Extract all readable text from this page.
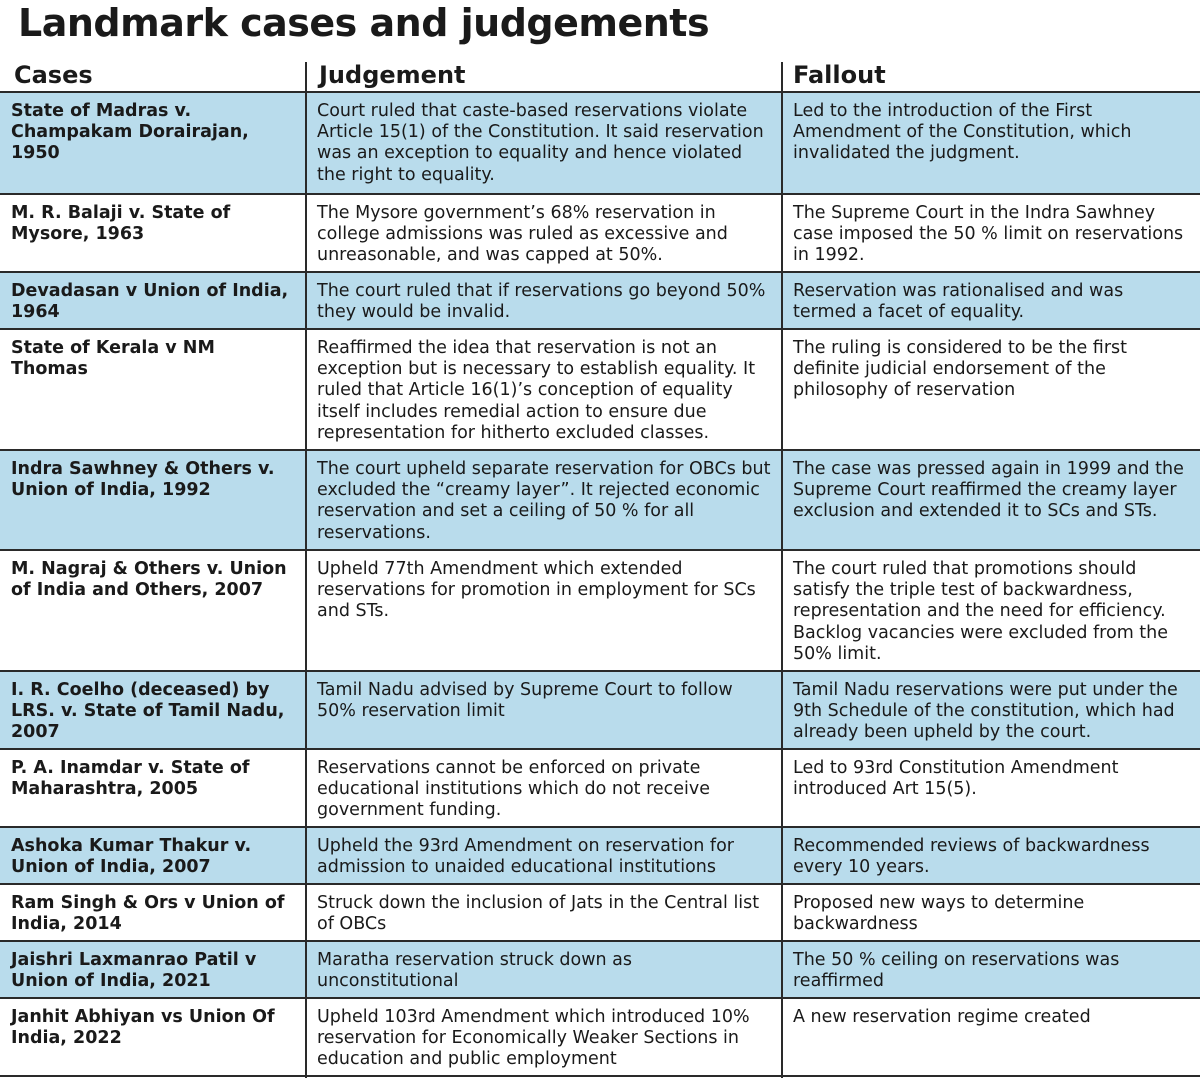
Landmark cases and judgements
Cases	Judgement	Fallout
State of Madras v. Champakam Dorairajan, 1950	Court ruled that caste-based reservations violate Article 15(1) of the Constitution. It said reservation was an exception to equality and hence violated the right to equality.	Led to the introduction of the First Amendment of the Constitution, which invalidated the judgment.
M. R. Balaji v. State of Mysore, 1963	The Mysore government’s 68% reservation in college admissions was ruled as excessive and unreasonable, and was capped at 50%.	The Supreme Court in the Indra Sawhney case imposed the 50 % limit on reservations in 1992.
Devadasan v Union of India, 1964	The court ruled that if reservations go beyond 50% they would be invalid.	Reservation was rationalised and was termed a facet of equality.
State of Kerala v NM Thomas	Reaffirmed the idea that reservation is not an exception but is necessary to establish equality. It ruled that Article 16(1)’s conception of equality itself includes remedial action to ensure due representation for hitherto excluded classes.	The ruling is considered to be the first definite judicial endorsement of the philosophy of reservation
Indra Sawhney & Others v. Union of India, 1992	The court upheld separate reservation for OBCs but excluded the “creamy layer”. It rejected economic reservation and set a ceiling of 50 % for all reservations.	The case was pressed again in 1999 and the Supreme Court reaffirmed the creamy layer exclusion and extended it to SCs and STs.
M. Nagraj & Others v. Union of India and Others, 2007	Upheld 77th Amendment which extended reservations for promotion in employment for SCs and STs.	The court ruled that promotions should satisfy the triple test of backwardness, representation and the need for efficiency. Backlog vacancies were excluded from the 50% limit.
I. R. Coelho (deceased) by LRS. v. State of Tamil Nadu, 2007	Tamil Nadu advised by Supreme Court to follow 50% reservation limit	Tamil Nadu reservations were put under the 9th Schedule of the constitution, which had already been upheld by the court.
P. A. Inamdar v. State of Maharashtra, 2005	Reservations cannot be enforced on private educational institutions which do not receive government funding.	Led to 93rd Constitution Amendment introduced Art 15(5).
Ashoka Kumar Thakur v. Union of India, 2007	Upheld the 93rd Amendment on reservation for admission to unaided educational institutions	Recommended reviews of backwardness every 10 years.
Ram Singh & Ors v Union of India, 2014	Struck down the inclusion of Jats in the Central list of OBCs	Proposed new ways to determine backwardness
Jaishri Laxmanrao Patil v Union of India, 2021	Maratha reservation struck down as unconstitutional	The 50 % ceiling on reservations was reaffirmed
Janhit Abhiyan vs Union Of India, 2022	Upheld 103rd Amendment which introduced 10% reservation for Economically Weaker Sections in education and public employment	A new reservation regime created
